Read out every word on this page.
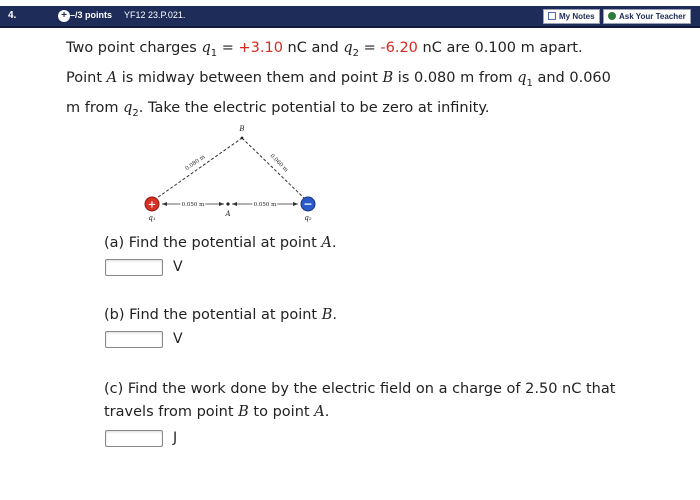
4.	+ –/3 points YF12 23.P.021.	My Notes	Ask Your Teacher
Two point charges $q_1 = +3.10$ nC and $q_2 = -6.20$ nC are 0.100 m apart.
Point A is midway between them and point B is 0.080 m from $q_1$ and 0.060
m from $q_2$. Take the electric potential to be zero at infinity.
+	−
B
A
q₁	q₂
0.080 m	0.060 m
0.050 m	0.050 m
(a) Find the potential at point A.
V
(b) Find the potential at point B.
V
(c) Find the work done by the electric field on a charge of 2.50 nC that
travels from point B to point A.
J
